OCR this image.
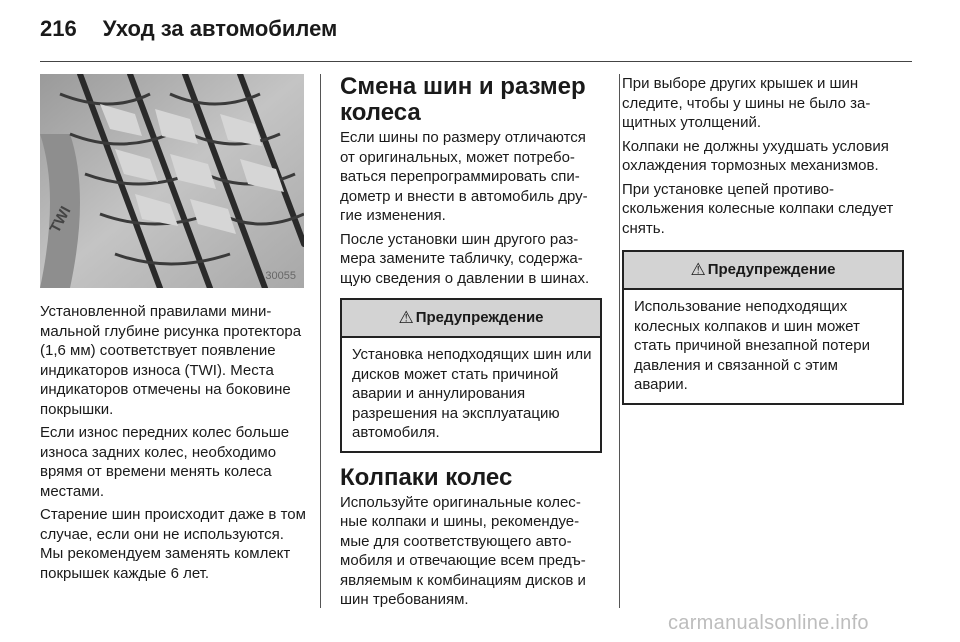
216 Уход за автомобилем
TWI
30055

Установленной правилами минимальной глубине рисунка протектора (1,6 мм) соответствует появление индикаторов износа (TWI). Места индикаторов отмечены на боковине покрышки.

Если износ передних колес больше износа задних колес, необходимо врямя от времени менять колеса местами.

Старение шин происходит даже в том случае, если они не используются. Мы рекомендуем заменять комлект покрышек каждые 6 лет.

Смена шин и размер колеса

Если шины по размеру отличаются от оригинальных, может потребоваться перепрограммировать спидометр и внести в автомобиль другие изменения.

После установки шин другого размера замените табличку, содержащую сведения о давлении в шинах.

⚠ Предупреждение
Установка неподходящих шин или дисков может стать причиной аварии и аннулирования разрешения на эксплуатацию автомобиля.
Колпаки колес

Используйте оригинальные колесные колпаки и шины, рекомендуемые для соответствующего автомобиля и отвечающие всем предъявляемым к комбинациям дисков и шин требованиям.

При выборе других крышек и шин следите, чтобы у шины не было защитных утолщений.

Колпаки не должны ухудшать условия охлаждения тормозных механизмов.

При установке цепей противоскольжения колесные колпаки следует снять.

⚠ Предупреждение
Использование неподходящих колесных колпаков и шин может стать причиной внезапной потери давления и связанной с этим аварии.
carmanualsonline.info
